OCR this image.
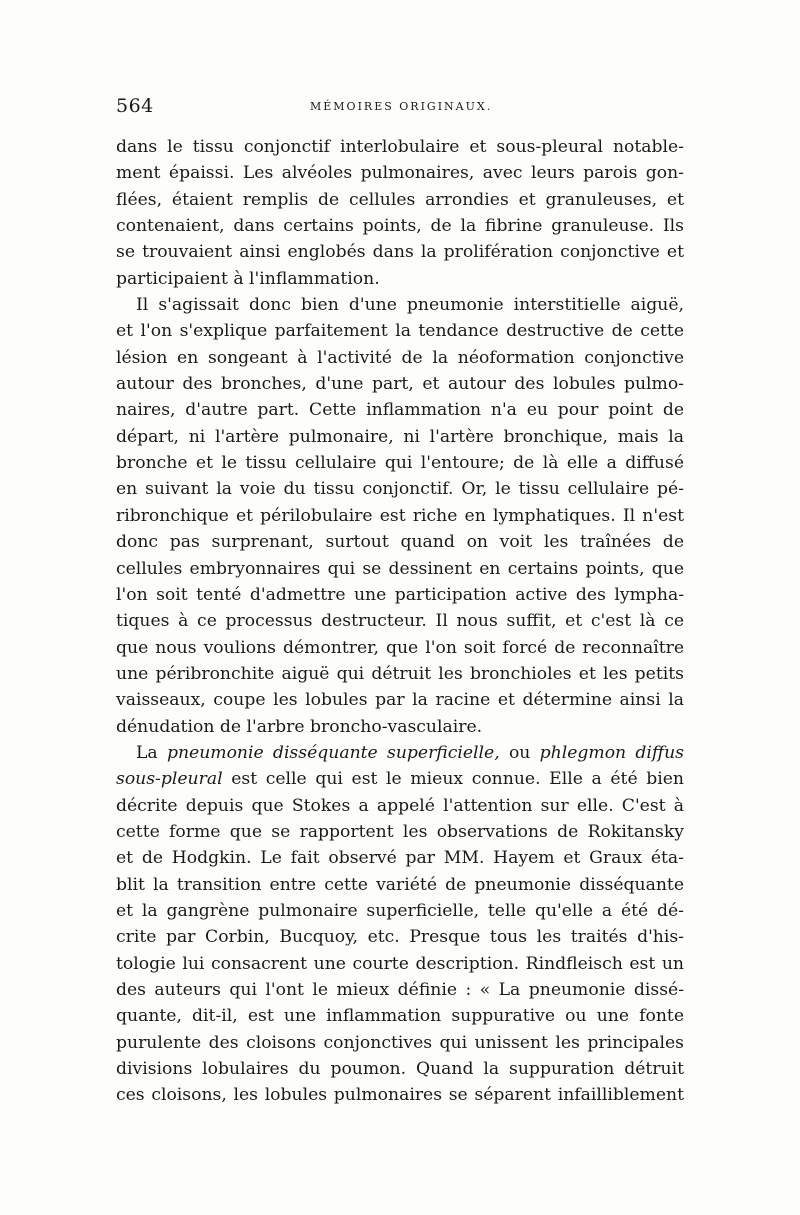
564	MÉMOIRES ORIGINAUX.
dans le tissu conjonctif interlobulaire et sous-pleural notable-
ment épaissi. Les alvéoles pulmonaires, avec leurs parois gon-
flées, étaient remplis de cellules arrondies et granuleuses, et
contenaient, dans certains points, de la fibrine granuleuse. Ils
se trouvaient ainsi englobés dans la prolifération conjonctive et
participaient à l'inflammation.
Il s'agissait donc bien d'une pneumonie interstitielle aiguë,
et l'on s'explique parfaitement la tendance destructive de cette
lésion en songeant à l'activité de la néoformation conjonctive
autour des bronches, d'une part, et autour des lobules pulmo-
naires, d'autre part. Cette inflammation n'a eu pour point de
départ, ni l'artère pulmonaire, ni l'artère bronchique, mais la
bronche et le tissu cellulaire qui l'entoure; de là elle a diffusé
en suivant la voie du tissu conjonctif. Or, le tissu cellulaire pé-
ribronchique et périlobulaire est riche en lymphatiques. Il n'est
donc pas surprenant, surtout quand on voit les traînées de
cellules embryonnaires qui se dessinent en certains points, que
l'on soit tenté d'admettre une participation active des lympha-
tiques à ce processus destructeur. Il nous suffit, et c'est là ce
que nous voulions démontrer, que l'on soit forcé de reconnaître
une péribronchite aiguë qui détruit les bronchioles et les petits
vaisseaux, coupe les lobules par la racine et détermine ainsi la
dénudation de l'arbre broncho-vasculaire.
La pneumonie disséquante superficielle, ou phlegmon diffus
sous-pleural est celle qui est le mieux connue. Elle a été bien
décrite depuis que Stokes a appelé l'attention sur elle. C'est à
cette forme que se rapportent les observations de Rokitansky
et de Hodgkin. Le fait observé par MM. Hayem et Graux éta-
blit la transition entre cette variété de pneumonie disséquante
et la gangrène pulmonaire superficielle, telle qu'elle a été dé-
crite par Corbin, Bucquoy, etc. Presque tous les traités d'his-
tologie lui consacrent une courte description. Rindfleisch est un
des auteurs qui l'ont le mieux définie : « La pneumonie dissé-
quante, dit-il, est une inflammation suppurative ou une fonte
purulente des cloisons conjonctives qui unissent les principales
divisions lobulaires du poumon. Quand la suppuration détruit
ces cloisons, les lobules pulmonaires se séparent infailliblement
